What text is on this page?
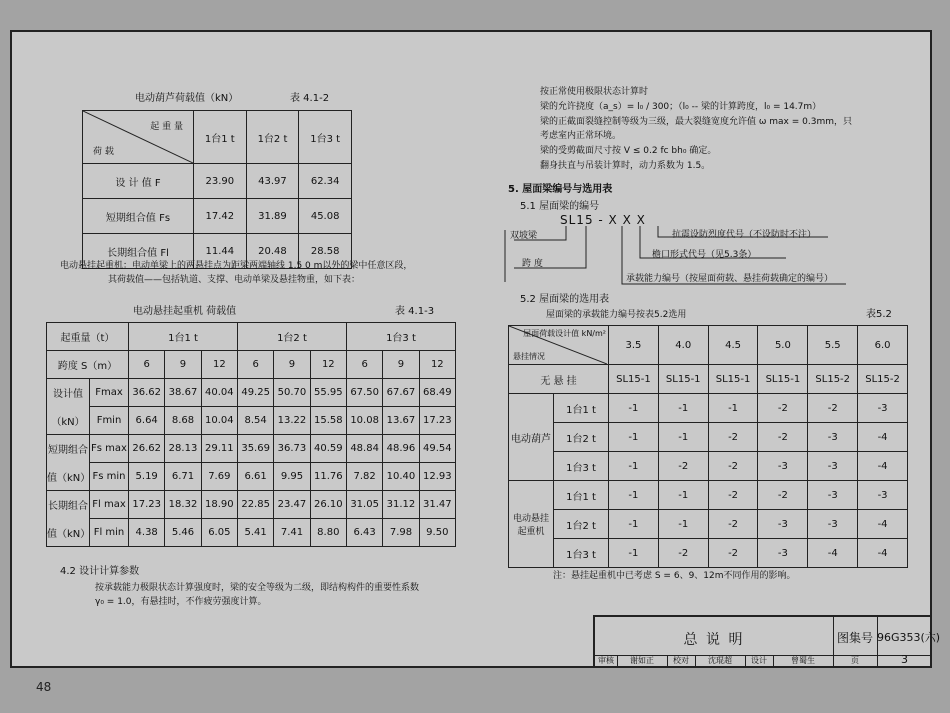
电动葫芦荷载值（kN）	表 4.1-2
起 重 量
荷 载	1台1 t	1台2 t	1台3 t
设 计 值 F	23.90	43.97	62.34
短期组合值 Fs	17.42	31.89	45.08
长期组合值 Fl	11.44	20.48	28.58
电动悬挂起重机：电动单梁上的两悬挂点为距梁两端轴线 1.5 0 m以外的梁中任意区段，
其荷载值——包括轨道、支撑、电动单梁及悬挂物重，如下表：
电动悬挂起重机 荷载值	表 4.1-3
起重量（t）		1台1 t			1台2 t			1台3 t		
跨度 S（m）		6	9	12	6	9	12	6	9	12
设计值	Fmax	36.62	38.67	40.04	49.25	50.70	55.95	67.50	67.67	68.49
（kN）	Fmin	6.64	8.68	10.04	8.54	13.22	15.58	10.08	13.67	17.23
短期组合	Fs max	26.62	28.13	29.11	35.69	36.73	40.59	48.84	48.96	49.54
值（kN）	Fs min	5.19	6.71	7.69	6.61	9.95	11.76	7.82	10.40	12.93
长期组合	Fl max	17.23	18.32	18.90	22.85	23.47	26.10	31.05	31.12	31.47
值（kN）	Fl min	4.38	5.46	6.05	5.41	7.41	8.80	6.43	7.98	9.50
4.2 设计计算参数
按承载能力极限状态计算强度时，梁的安全等级为二级，即结构构件的重要性系数
γ₀ = 1.0，有悬挂时，不作疲劳强度计算。
按正常使用极限状态计算时
梁的允许挠度（a_s）= l₀ / 300；（l₀ -- 梁的计算跨度，l₀ = 14.7m）
梁的正截面裂缝控制等级为三级，最大裂缝宽度允许值 ω max = 0.3mm，只
考虑室内正常环境。
梁的受剪截面尺寸按 V ≤ 0.2 fc bh₀ 确定。
翻身扶直与吊装计算时，动力系数为 1.5。
5. 屋面梁编号与选用表
5.1 屋面梁的编号
SL15 - X X X
双坡梁
跨 度
抗震设防烈度代号（不设防时不注）
檐口形式代号（见5.3条）
承载能力编号（按屋面荷载、悬挂荷载确定的编号）
5.2 屋面梁的选用表
屋面梁的承载能力编号按表5.2选用	表5.2
屋面荷载设计值 kN/m²
悬挂情况		3.5	4.0	4.5	5.0	5.5	6.0
无 悬 挂		SL15-1	SL15-1	SL15-1	SL15-1	SL15-2	SL15-2
电动葫芦	1台1 t	-1	-1	-1	-2	-2	-3
	1台2 t	-1	-1	-2	-2	-3	-4
	1台3 t	-1	-2	-2	-3	-3	-4
电动悬挂起重机	1台1 t	-1	-1	-2	-2	-3	-3
	1台2 t	-1	-1	-2	-3	-3	-4
	1台3 t	-1	-2	-2	-3	-4	-4
注：悬挂起重机中已考虑 S = 6、9、12m不同作用的影响。
总 说 明	图集号 96G353(六)
审核	谢如正	校对	沈琨超	设计	曾蜀生	页	3
48
